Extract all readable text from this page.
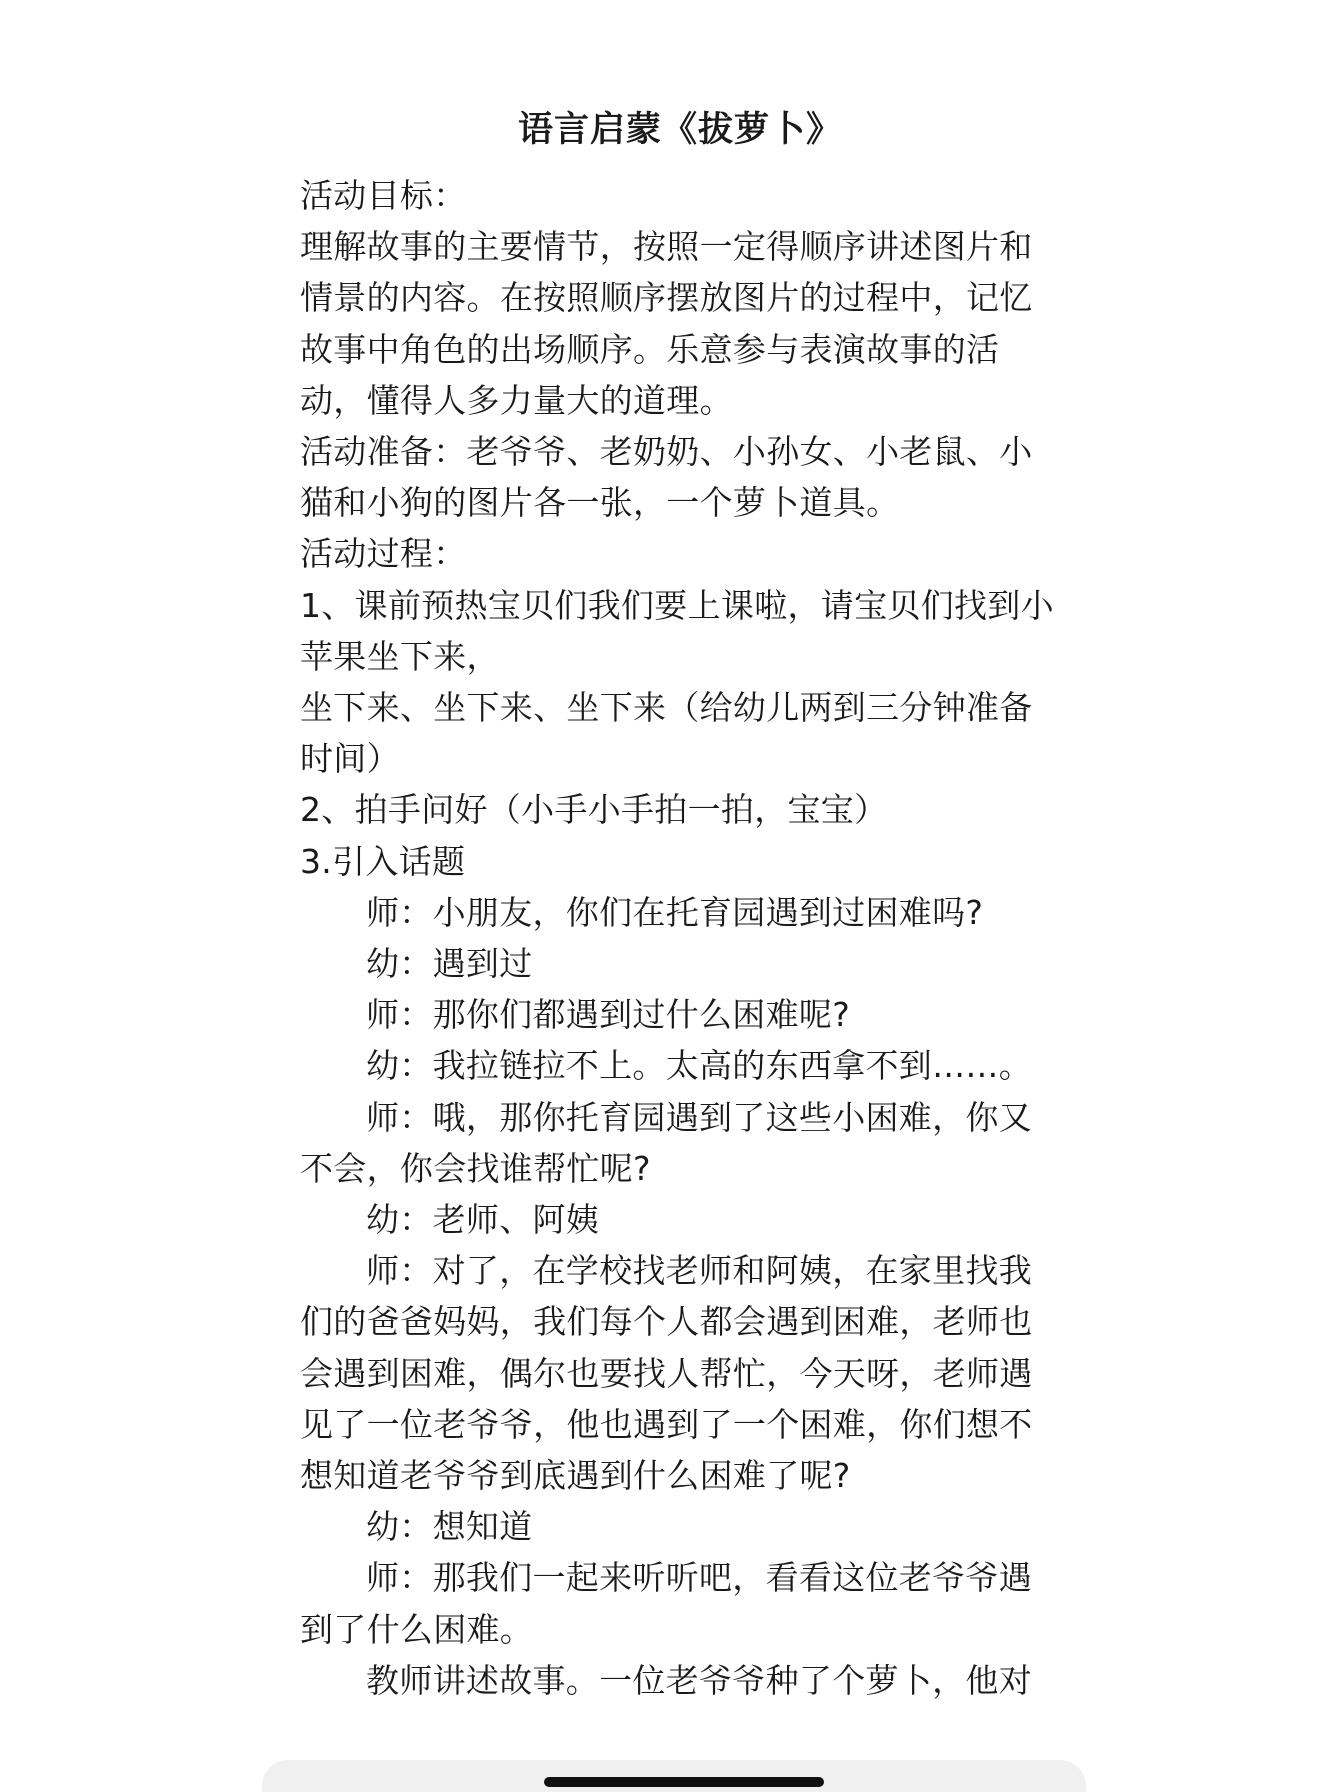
语言启蒙《拔萝卜》

活动目标：

理解故事的主要情节，按照一定得顺序讲述图片和情景的内容。在按照顺序摆放图片的过程中，记忆故事中角色的出场顺序。乐意参与表演故事的活动，懂得人多力量大的道理。

活动准备：老爷爷、老奶奶、小孙女、小老鼠、小猫和小狗的图片各一张，一个萝卜道具。

活动过程：

1、课前预热宝贝们我们要上课啦，请宝贝们找到小苹果坐下来，

坐下来、坐下来、坐下来（给幼儿两到三分钟准备时间）

2、拍手问好（小手小手拍一拍，宝宝）

3.引入话题

师：小朋友，你们在托育园遇到过困难吗?

幼：遇到过

师：那你们都遇到过什么困难呢?

幼：我拉链拉不上。太高的东西拿不到……。

师：哦，那你托育园遇到了这些小困难，你又不会，你会找谁帮忙呢?

幼：老师、阿姨

师：对了，在学校找老师和阿姨，在家里找我们的爸爸妈妈，我们每个人都会遇到困难，老师也会遇到困难，偶尔也要找人帮忙，今天呀，老师遇见了一位老爷爷，他也遇到了一个困难，你们想不想知道老爷爷到底遇到什么困难了呢?

幼：想知道

师：那我们一起来听听吧，看看这位老爷爷遇到了什么困难。

教师讲述故事。一位老爷爷种了个萝卜，他对
